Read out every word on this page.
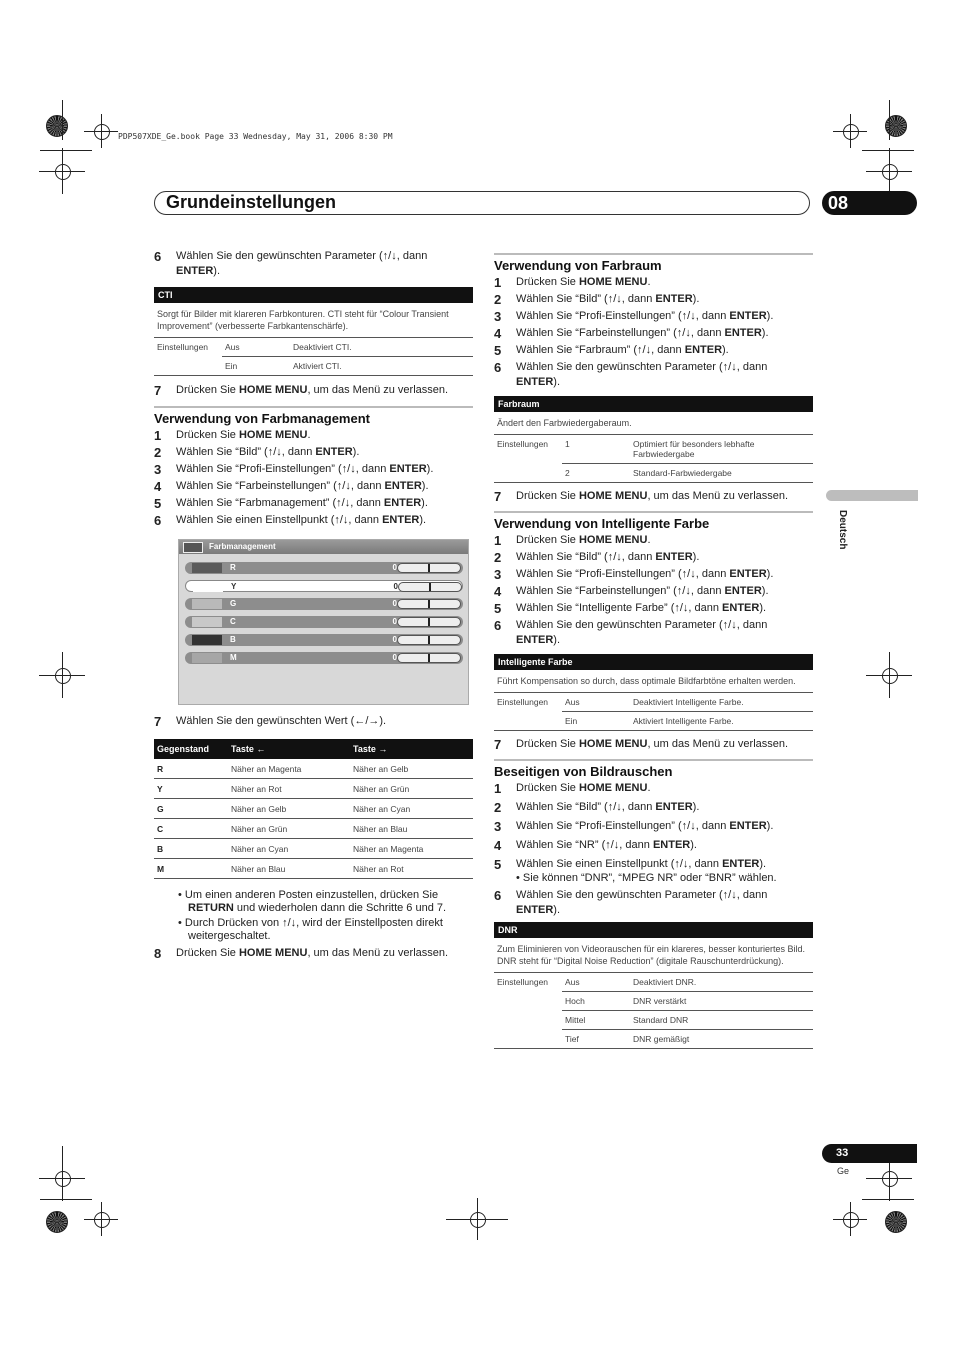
PDP507XDE_Ge.book Page 33 Wednesday, May 31, 2006 8:30 PM
Grundeinstellungen	08
Deutsch
6	Wählen Sie den gewünschten Parameter (↑/↓, dann ENTER).
CTI
Sorgt für Bilder mit klareren Farbkonturen. CTI steht für “Colour Transient Improvement” (verbesserte Farbkantenschärfe).
Einstellungen	Aus	Deaktiviert CTI.
	Ein	Aktiviert CTI.
7	Drücken Sie HOME MENU, um das Menü zu verlassen.
Verwendung von Farbmanagement
1	Drücken Sie HOME MENU.
2	Wählen Sie “Bild” (↑/↓, dann ENTER).
3	Wählen Sie “Profi-Einstellungen” (↑/↓, dann ENTER).
4	Wählen Sie “Farbeinstellungen” (↑/↓, dann ENTER).
5	Wählen Sie “Farbmanagement” (↑/↓, dann ENTER).
6	Wählen Sie einen Einstellpunkt (↑/↓, dann ENTER).
Farbmanagement
R	0
Y	0
G	0
C	0
B	0
M	0
7	Wählen Sie den gewünschten Wert (←/→).
Gegenstand	Taste ←	Taste →
R	Näher an Magenta	Näher an Gelb
Y	Näher an Rot	Näher an Grün
G	Näher an Gelb	Näher an Cyan
C	Näher an Grün	Näher an Blau
B	Näher an Cyan	Näher an Magenta
M	Näher an Blau	Näher an Rot
• Um einen anderen Posten einzustellen, drücken Sie RETURN und wiederholen dann die Schritte 6 und 7.
• Durch Drücken von ↑/↓, wird der Einstellposten direkt weitergeschaltet.
8	Drücken Sie HOME MENU, um das Menü zu verlassen.
Verwendung von Farbraum
1	Drücken Sie HOME MENU.
2	Wählen Sie “Bild” (↑/↓, dann ENTER).
3	Wählen Sie “Profi-Einstellungen” (↑/↓, dann ENTER).
4	Wählen Sie “Farbeinstellungen” (↑/↓, dann ENTER).
5	Wählen Sie “Farbraum” (↑/↓, dann ENTER).
6	Wählen Sie den gewünschten Parameter (↑/↓, dann ENTER).
Farbraum
Ändert den Farbwiedergaberaum.
Einstellungen	1	Optimiert für besonders lebhafte Farbwiedergabe
	2	Standard-Farbwiedergabe
7	Drücken Sie HOME MENU, um das Menü zu verlassen.
Verwendung von Intelligente Farbe
1	Drücken Sie HOME MENU.
2	Wählen Sie “Bild” (↑/↓, dann ENTER).
3	Wählen Sie “Profi-Einstellungen” (↑/↓, dann ENTER).
4	Wählen Sie “Farbeinstellungen” (↑/↓, dann ENTER).
5	Wählen Sie “Intelligente Farbe” (↑/↓, dann ENTER).
6	Wählen Sie den gewünschten Parameter (↑/↓, dann ENTER).
Intelligente Farbe
Führt Kompensation so durch, dass optimale Bildfarbtöne erhalten werden.
Einstellungen	Aus	Deaktiviert Intelligente Farbe.
	Ein	Aktiviert Intelligente Farbe.
7	Drücken Sie HOME MENU, um das Menü zu verlassen.
Beseitigen von Bildrauschen
1	Drücken Sie HOME MENU.
2	Wählen Sie “Bild” (↑/↓, dann ENTER).
3	Wählen Sie “Profi-Einstellungen” (↑/↓, dann ENTER).
4	Wählen Sie “NR” (↑/↓, dann ENTER).
5	Wählen Sie einen Einstellpunkt (↑/↓, dann ENTER).
• Sie können “DNR”, “MPEG NR” oder “BNR” wählen.
6	Wählen Sie den gewünschten Parameter (↑/↓, dann ENTER).
DNR
Zum Eliminieren von Videorauschen für ein klareres, besser konturiertes Bild. DNR steht für “Digital Noise Reduction” (digitale Rauschunterdrückung).
Einstellungen	Aus	Deaktiviert DNR.
	Hoch	DNR verstärkt
	Mittel	Standard DNR
	Tief	DNR gemäßigt
33
Ge
